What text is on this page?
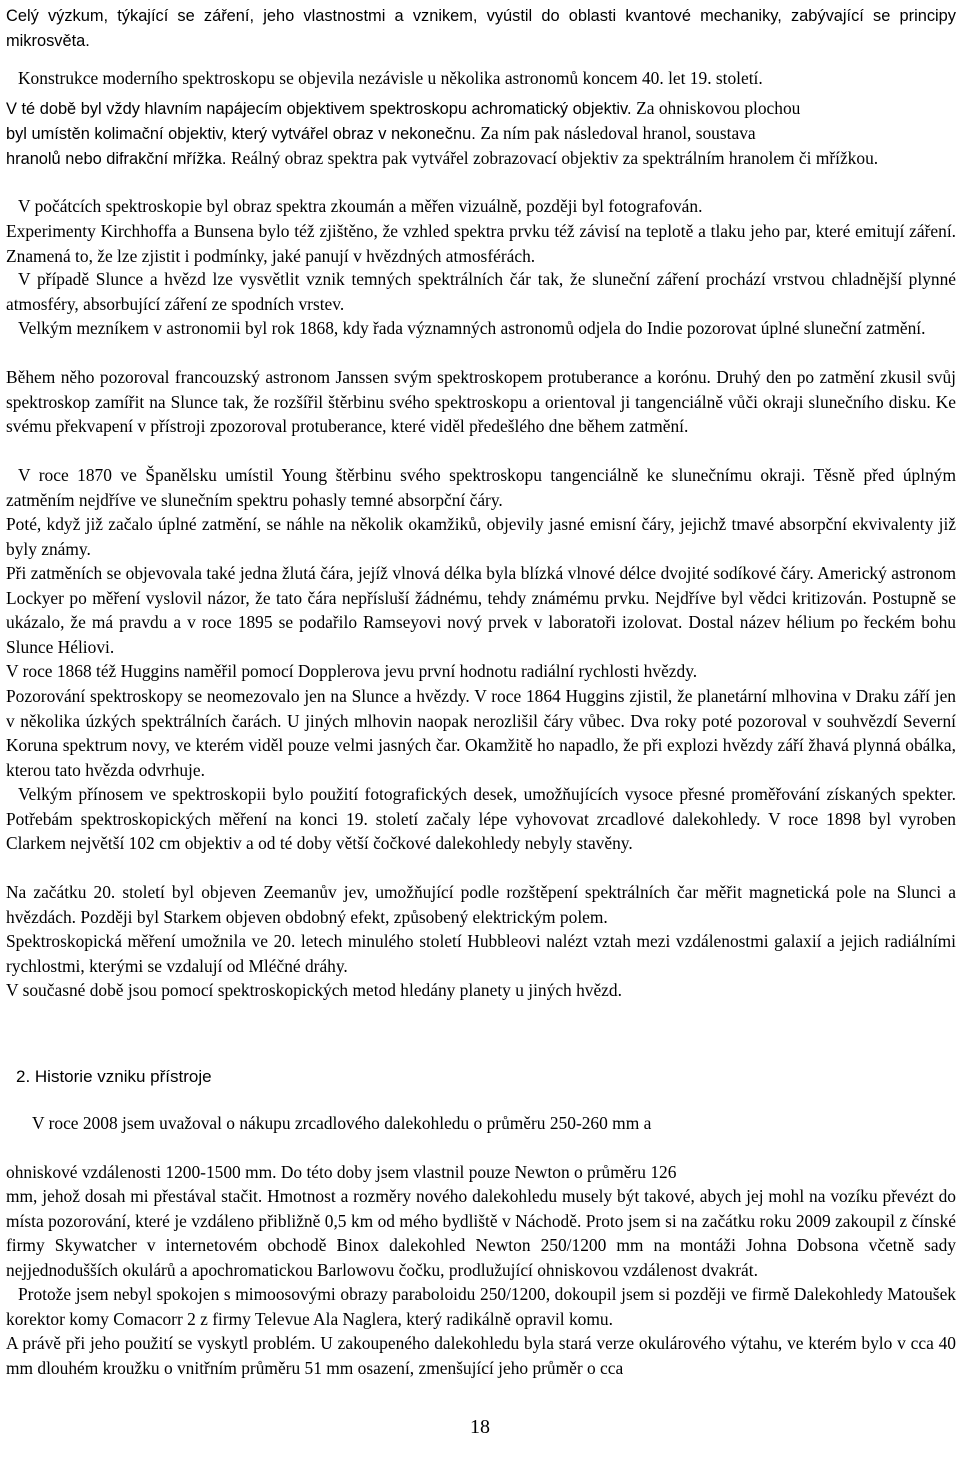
Celý výzkum, týkající se záření, jeho vlastnostmi a vznikem, vyústil do oblasti kvantové mechaniky, zabývající se principy mikrosvěta.

Konstrukce moderního spektroskopu se objevila nezávisle u několika astronomů koncem 40. let 19. století.

V té době byl vždy hlavním napájecím objektivem spektroskopu achromatický objektiv. Za ohniskovou plochou

byl umístěn kolimační objektiv, který vytvářel obraz v nekonečnu. Za ním pak následoval hranol, soustava

hranolů nebo difrakční mřížka. Reálný obraz spektra pak vytvářel zobrazovací objektiv za spektrálním hranolem či mřížkou.

V počátcích spektroskopie byl obraz spektra zkoumán a měřen vizuálně, později byl fotografován.

Experimenty Kirchhoffa a Bunsena bylo též zjištěno, že vzhled spektra prvku též závisí na teplotě a tlaku jeho par, které emitují záření. Znamená to, že lze zjistit i podmínky, jaké panují v hvězdných atmosférách.

V případě Slunce a hvězd lze vysvětlit vznik temných spektrálních čár tak, že sluneční záření prochází vrstvou chladnější plynné atmosféry, absorbující záření ze spodních vrstev.

Velkým mezníkem v astronomii byl rok 1868, kdy řada významných astronomů odjela do Indie pozorovat úplné sluneční zatmění.

Během něho pozoroval francouzský astronom Janssen svým spektroskopem protuberance a korónu. Druhý den po zatmění zkusil svůj spektroskop zamířit na Slunce tak, že rozšířil štěrbinu svého spektroskopu a orientoval ji tangenciálně vůči okraji slunečního disku. Ke svému překvapení v přístroji zpozoroval protuberance, které viděl předešlého dne během zatmění.

V roce 1870 ve Španělsku umístil Young štěrbinu svého spektroskopu tangenciálně ke slunečnímu okraji. Těsně před úplným zatměním nejdříve ve slunečním spektru pohasly temné absorpční čáry.

Poté, když již začalo úplné zatmění, se náhle na několik okamžiků, objevily jasné emisní čáry, jejichž tmavé absorpční ekvivalenty již byly známy.

Při zatměních se objevovala také jedna žlutá čára, jejíž vlnová délka byla blízká vlnové délce dvojité sodíkové čáry. Americký astronom Lockyer po měření vyslovil názor, že tato čára nepřísluší žádnému, tehdy známému prvku. Nejdříve byl vědci kritizován. Postupně se ukázalo, že má pravdu a v roce 1895 se podařilo Ramseyovi nový prvek v laboratoři izolovat. Dostal název hélium po řeckém bohu Slunce Héliovi.

V roce 1868 též Huggins naměřil pomocí Dopplerova jevu první hodnotu radiální rychlosti hvězdy.

Pozorování spektroskopy se neomezovalo jen na Slunce a hvězdy. V roce 1864 Huggins zjistil, že planetární mlhovina v Draku září jen v několika úzkých spektrálních čarách. U jiných mlhovin naopak nerozlišil čáry vůbec. Dva roky poté pozoroval v souhvězdí Severní Koruna spektrum novy, ve kterém viděl pouze velmi jasných čar. Okamžitě ho napadlo, že při explozi hvězdy září žhavá plynná obálka, kterou tato hvězda odvrhuje.

Velkým přínosem ve spektroskopii bylo použití fotografických desek, umožňujících vysoce přesné proměřování získaných spekter. Potřebám spektroskopických měření na konci 19. století začaly lépe vyhovovat zrcadlové dalekohledy. V roce 1898 byl vyroben Clarkem největší 102 cm objektiv a od té doby větší čočkové dalekohledy nebyly stavěny.

Na začátku 20. století byl objeven Zeemanův jev, umožňující podle rozštěpení spektrálních čar měřit magnetická pole na Slunci a hvězdách. Později byl Starkem objeven obdobný efekt, způsobený elektrickým polem.

Spektroskopická měření umožnila ve 20. letech minulého století Hubbleovi nalézt vztah mezi vzdálenostmi galaxií a jejich radiálními rychlostmi, kterými se vzdalují od Mléčné dráhy.

V současné době jsou pomocí spektroskopických metod hledány planety u jiných hvězd.

2. Historie vzniku přístroje

V roce 2008 jsem uvažoval o nákupu zrcadlového dalekohledu o průměru 250-260 mm a

ohniskové vzdálenosti 1200-1500 mm. Do této doby jsem vlastnil pouze Newton o průměru 126

mm, jehož dosah mi přestával stačit. Hmotnost a rozměry nového dalekohledu musely být takové, abych jej mohl na vozíku převézt do místa pozorování, které je vzdáleno přibližně 0,5 km od mého bydliště v Náchodě. Proto jsem si na začátku roku 2009 zakoupil z čínské firmy Skywatcher v internetovém obchodě Binox dalekohled Newton 250/1200 mm na montáži Johna Dobsona včetně sady nejjednodušších okulárů a apochromatickou Barlowovu čočku, prodlužující ohniskovou vzdálenost dvakrát.

Protože jsem nebyl spokojen s mimoosovými obrazy paraboloidu 250/1200, dokoupil jsem si později ve firmě Dalekohledy Matoušek korektor komy Comacorr 2 z firmy Televue Ala Naglera, který radikálně opravil komu.

A právě při jeho použití se vyskytl problém. U zakoupeného dalekohledu byla stará verze okulárového výtahu, ve kterém bylo v cca 40 mm dlouhém kroužku o vnitřním průměru 51 mm osazení, zmenšující jeho průměr o cca

18
